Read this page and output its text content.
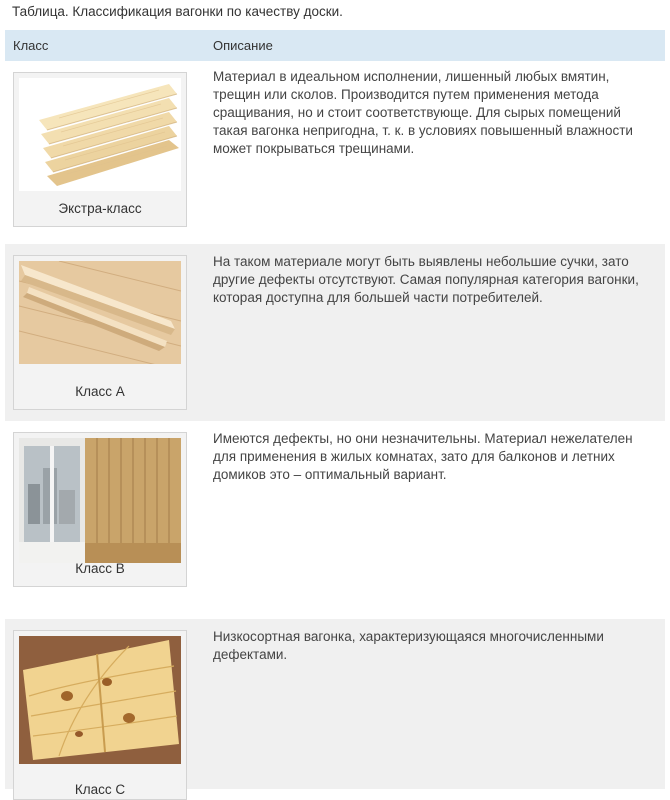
Таблица. Классификация вагонки по качеству доски.
Класс	Описание
Экстра-класс
Материал в идеальном исполнении, лишенный любых вмятин, трещин или сколов. Производится путем применения метода сращивания, но и стоит соответствующе. Для сырых помещений такая вагонка непригодна, т. к. в условиях повышенный влажности может покрываться трещинами.
Класс А
На таком материале могут быть выявлены небольшие сучки, зато другие дефекты отсутствуют. Самая популярная категория вагонки, которая доступна для большей части потребителей.
Класс В
Имеются дефекты, но они незначительны. Материал нежелателен для применения в жилых комнатах, зато для балконов и летних домиков это – оптимальный вариант.
Класс С
Низкосортная вагонка, характеризующаяся многочисленными дефектами.
